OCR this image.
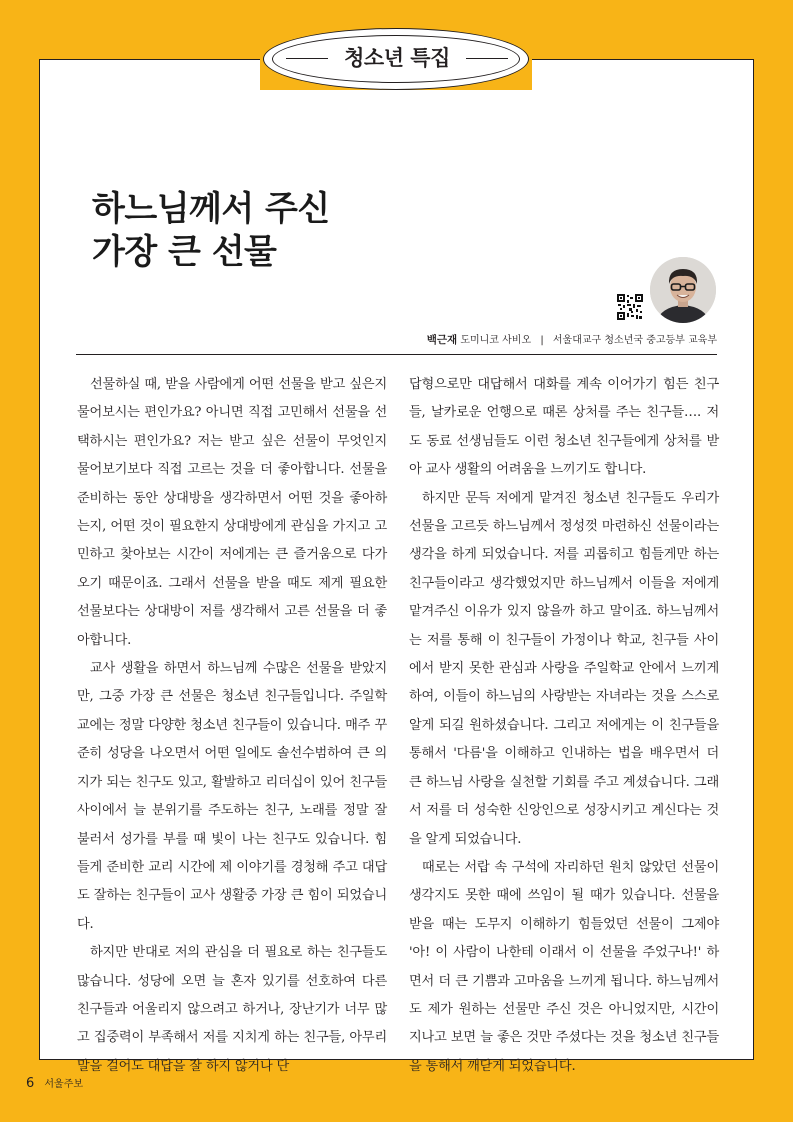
청소년 특집
하느님께서 주신
가장 큰 선물
백근재 도미니코 사비오 | 서울대교구 청소년국 중고등부 교육부

선물하실 때, 받을 사람에게 어떤 선물을 받고 싶은지 물어보시는 편인가요? 아니면 직접 고민해서 선물을 선택하시는 편인가요? 저는 받고 싶은 선물이 무엇인지 물어보기보다 직접 고르는 것을 더 좋아합니다. 선물을 준비하는 동안 상대방을 생각하면서 어떤 것을 좋아하는지, 어떤 것이 필요한지 상대방에게 관심을 가지고 고민하고 찾아보는 시간이 저에게는 큰 즐거움으로 다가오기 때문이죠. 그래서 선물을 받을 때도 제게 필요한 선물보다는 상대방이 저를 생각해서 고른 선물을 더 좋아합니다.

교사 생활을 하면서 하느님께 수많은 선물을 받았지만, 그중 가장 큰 선물은 청소년 친구들입니다. 주일학교에는 정말 다양한 청소년 친구들이 있습니다. 매주 꾸준히 성당을 나오면서 어떤 일에도 솔선수범하여 큰 의지가 되는 친구도 있고, 활발하고 리더십이 있어 친구들 사이에서 늘 분위기를 주도하는 친구, 노래를 정말 잘 불러서 성가를 부를 때 빛이 나는 친구도 있습니다. 힘들게 준비한 교리 시간에 제 이야기를 경청해 주고 대답도 잘하는 친구들이 교사 생활중 가장 큰 힘이 되었습니다.

하지만 반대로 저의 관심을 더 필요로 하는 친구들도 많습니다. 성당에 오면 늘 혼자 있기를 선호하여 다른 친구들과 어울리지 않으려고 하거나, 장난기가 너무 많고 집중력이 부족해서 저를 지치게 하는 친구들, 아무리 말을 걸어도 대답을 잘 하지 않거나 단

답형으로만 대답해서 대화를 계속 이어가기 힘든 친구들, 날카로운 언행으로 때론 상처를 주는 친구들…. 저도 동료 선생님들도 이런 청소년 친구들에게 상처를 받아 교사 생활의 어려움을 느끼기도 합니다.

하지만 문득 저에게 맡겨진 청소년 친구들도 우리가 선물을 고르듯 하느님께서 정성껏 마련하신 선물이라는 생각을 하게 되었습니다. 저를 괴롭히고 힘들게만 하는 친구들이라고 생각했었지만 하느님께서 이들을 저에게 맡겨주신 이유가 있지 않을까 하고 말이죠. 하느님께서는 저를 통해 이 친구들이 가정이나 학교, 친구들 사이에서 받지 못한 관심과 사랑을 주일학교 안에서 느끼게 하여, 이들이 하느님의 사랑받는 자녀라는 것을 스스로 알게 되길 원하셨습니다. 그리고 저에게는 이 친구들을 통해서 '다름'을 이해하고 인내하는 법을 배우면서 더 큰 하느님 사랑을 실천할 기회를 주고 계셨습니다. 그래서 저를 더 성숙한 신앙인으로 성장시키고 계신다는 것을 알게 되었습니다.

때로는 서랍 속 구석에 자리하던 원치 않았던 선물이 생각지도 못한 때에 쓰임이 될 때가 있습니다. 선물을 받을 때는 도무지 이해하기 힘들었던 선물이 그제야 '아! 이 사람이 나한테 이래서 이 선물을 주었구나!' 하면서 더 큰 기쁨과 고마움을 느끼게 됩니다. 하느님께서도 제가 원하는 선물만 주신 것은 아니었지만, 시간이 지나고 보면 늘 좋은 것만 주셨다는 것을 청소년 친구들을 통해서 깨닫게 되었습니다.

6 서울주보
